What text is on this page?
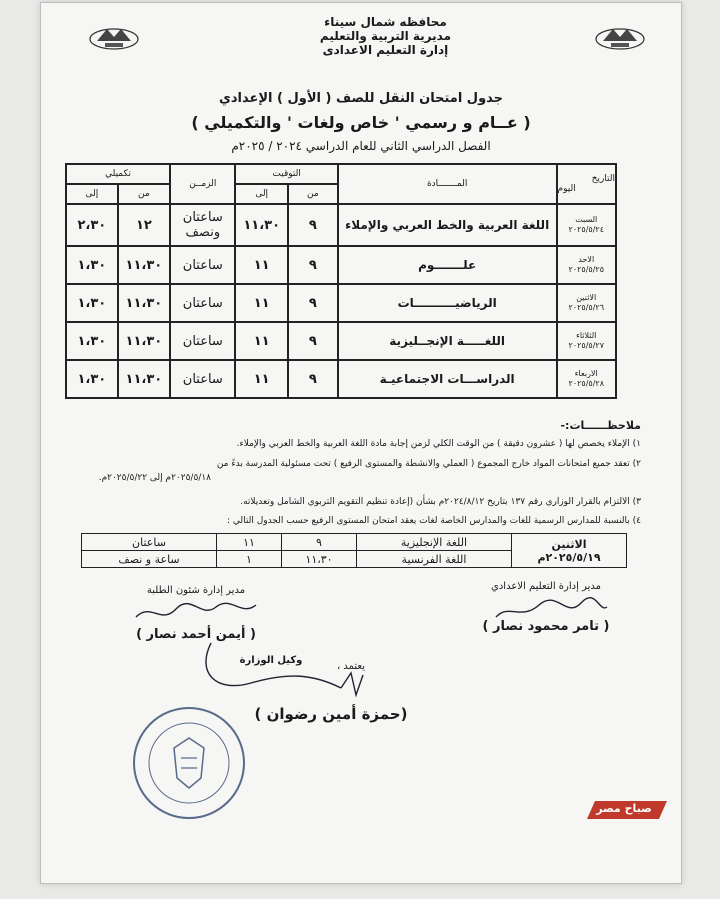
محافظه شمال سيناء
مديرية التربية والتعليم
إدارة التعليم الاعدادى
جدول امتحان النقل للصف ( الأول ) الإعدادي
( عــام و رسمي ' خاص ولغات ' والتكميلي )
الفصل الدراسي الثاني للعام الدراسي ٢٠٢٤ / ٢٠٢٥م
التاريخ
اليوم	المـــــــادة	التوقيت		الزمــن	تكميلي	
		من	إلى		من	إلى

السبت
٢٠٢٥/٥/٢٤	اللغة العربية والخط العربي والإملاء	٩	١١،٣٠	ساعتان ونصف	١٢	٢،٣٠

الاحد
٢٠٢٥/٥/٢٥	علـــــــوم	٩	١١	ساعتان	١١،٣٠	١،٣٠

الاثنين
٢٠٢٥/٥/٢٦	الرياضيــــــــــات	٩	١١	ساعتان	١١،٣٠	١،٣٠

الثلاثاء
٢٠٢٥/٥/٢٧	اللغـــــة الإنجــليزية	٩	١١	ساعتان	١١،٣٠	١،٣٠

الاربعاء
٢٠٢٥/٥/٢٨	الدراســـات الاجتماعيـة	٩	١١	ساعتان	١١،٣٠	١،٣٠
ملاحظــــــات:-
١) الإملاء يخصص لها ( عشرون دقيقة ) من الوقت الكلي لزمن إجابة مادة اللغة العربية والخط العربي والإملاء.
٢) تعقد جميع امتحانات المواد خارج المجموع ( العملي والانشطة والمستوى الرفيع ) تحت مسئولية المدرسة بدءً من
٢٠٢٥/٥/١٨م إلى ٢٠٢٥/٥/٢٢م.
٣) الالتزام بالقرار الوزاري رقم ١٣٧ بتاريخ ٢٠٢٤/٨/١٢م بشأن (إعادة تنظيم التقويم التربوي الشامل وتعديلاته.
٤) بالنسبة للمدارس الرسمية للغات والمدارس الخاصة لغات يعقد امتحان المستوى الرفيع حسب الجدول التالي :
الاثنين
٢٠٢٥/٥/١٩م	اللغة الإنجليزية	٩	١١	ساعتان
	اللغة الفرنسية	١١،٣٠	١	ساعة و نصف
مدير إدارة شئون الطلبة
( أيمن أحمد نصار )
مدير إدارة التعليم الاعدادي
( تامر محمود نصار )
يعتمد ،
وكيل الوزارة
(حمزة أمين رضوان )
صباح مصر
